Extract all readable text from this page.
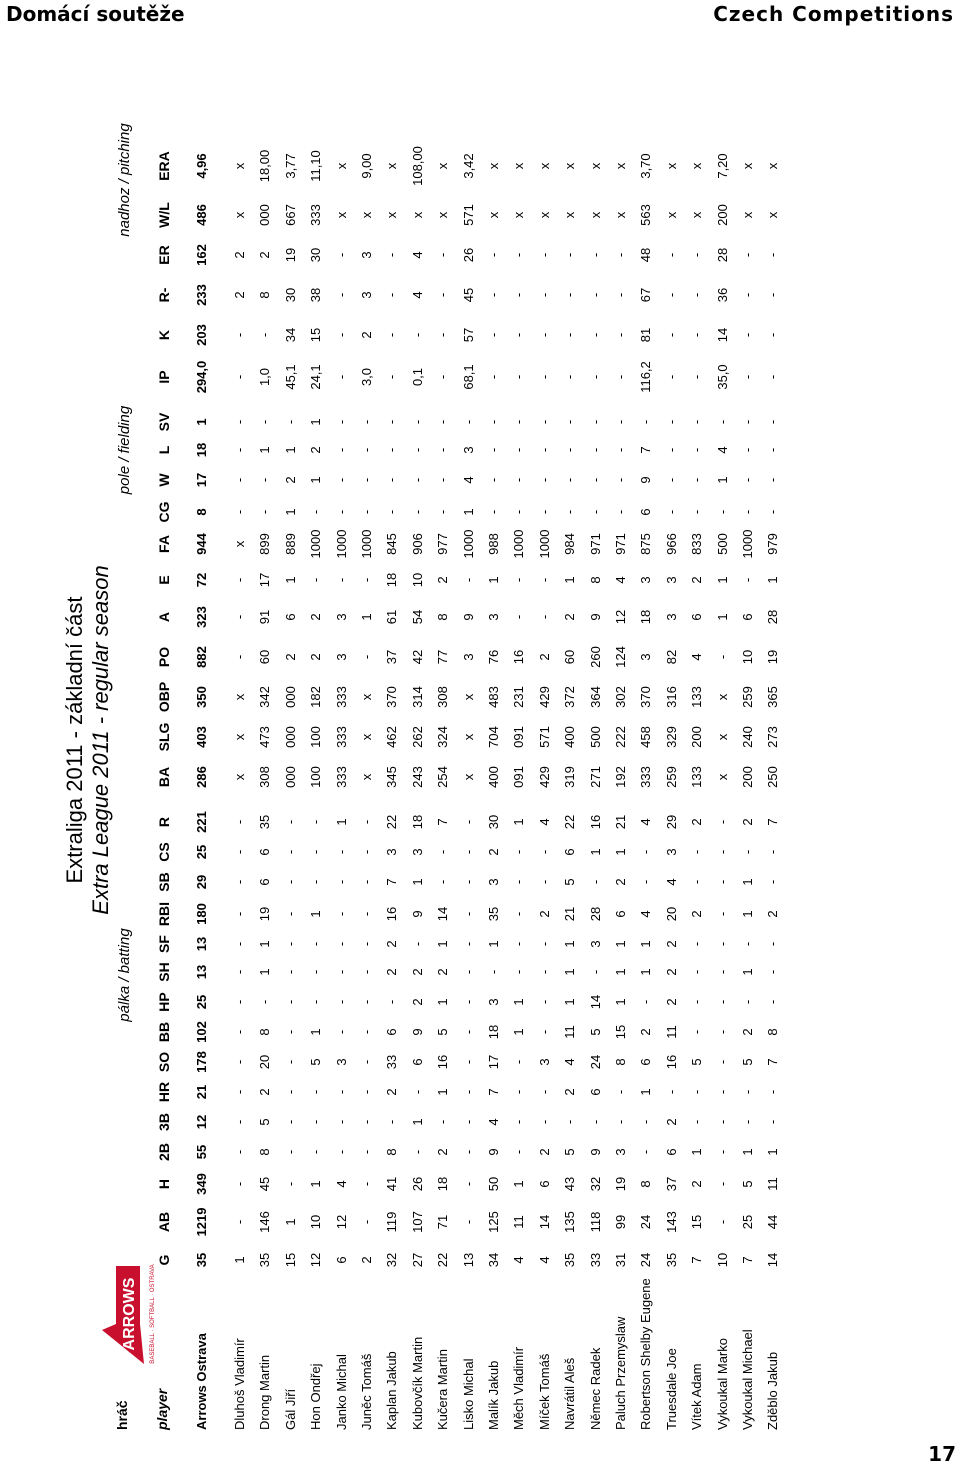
Domácí soutěže	Czech Competitions
Extraliga 2011 - základní část Extra League 2011 - regular season
ARROWS BASEBALL · SOFTBALL · OSTRAVA
hráč player
pálka / batting
pole / fielding
nadhoz / pitching
G
AB
H
2B
3B
HR
SO
BB
HP
SH
SF
RBI
SB
CS
R
BA
SLG
OBP
PO
A
E
FA
CG
W
L
SV
IP
K
R-
ER
W/L
ERA
Arrows Ostrava
35
1219
349
55
12
21
178
102
25
13
13
180
29
25
221
286
403
350
882
323
72
944
8
17
18
1
294,0
203
233
162
486
4,96
Dluhoš Vladimír
1
-
-
-
-
-
-
-
-
-
-
-
-
-
-
x
x
x
-
-
-
x
-
-
-
-
-
-
2
2
x
x
Drong Martin
35
146
45
8
5
2
20
8
-
1
1
19
6
6
35
308
473
342
60
91
17
899
-
-
1
-
1,0
-
8
2
000
18,00
Gál Jiří
15
1
-
-
-
-
-
-
-
-
-
-
-
-
-
000
000
000
2
6
1
889
1
2
1
-
45,1
34
30
19
667
3,77
Hon Ondřej
12
10
1
-
-
-
5
1
-
-
-
1
-
-
-
100
100
182
2
2
-
1000
-
1
2
1
24,1
15
38
30
333
11,10
Janko Michal
6
12
4
-
-
-
3
-
-
-
-
-
-
-
1
333
333
333
3
3
-
1000
-
-
-
-
-
-
-
-
x
x
Juněc Tomáš
2
-
-
-
-
-
-
-
-
-
-
-
-
-
-
x
x
x
-
1
-
1000
-
-
-
-
3,0
2
3
3
x
9,00
Kaplan Jakub
32
119
41
8
-
2
33
6
-
2
2
16
7
3
22
345
462
370
37
61
18
845
-
-
-
-
-
-
-
-
x
x
Kubovčík Martin
27
107
26
-
1
-
6
9
2
2
-
9
1
3
18
243
262
314
42
54
10
906
-
-
-
-
0,1
-
4
4
x
108,00
Kučera Martin
22
71
18
2
-
1
16
5
1
2
1
14
-
-
7
254
324
308
77
8
2
977
-
-
-
-
-
-
-
-
x
x
Lisko Michal
13
-
-
-
-
-
-
-
-
-
-
-
-
-
-
x
x
x
3
9
-
1000
1
4
3
-
68,1
57
45
26
571
3,42
Malík Jakub
34
125
50
9
4
7
17
18
3
-
1
35
3
2
30
400
704
483
76
3
1
988
-
-
-
-
-
-
-
-
x
x
Měch Vladimír
4
11
1
-
-
-
-
1
1
-
-
-
-
-
1
091
091
231
16
-
-
1000
-
-
-
-
-
-
-
-
x
x
Míček Tomáš
4
14
6
2
-
-
3
-
-
-
-
2
-
-
4
429
571
429
2
-
-
1000
-
-
-
-
-
-
-
-
x
x
Navrátil Aleš
35
135
43
5
-
2
4
11
1
1
1
21
5
6
22
319
400
372
60
2
1
984
-
-
-
-
-
-
-
-
x
x
Němec Radek
33
118
32
9
-
6
24
5
14
-
3
28
-
1
16
271
500
364
260
9
8
971
-
-
-
-
-
-
-
-
x
x
Paluch Przemyslaw
31
99
19
3
-
-
8
15
1
1
1
6
2
1
21
192
222
302
124
12
4
971
-
-
-
-
-
-
-
-
x
x
Robertson Shelby Eugene
24
24
8
-
-
1
6
2
-
1
1
4
-
-
4
333
458
370
3
18
3
875
6
9
7
-
116,2
81
67
48
563
3,70
Truesdale Joe
35
143
37
6
2
-
16
11
2
2
2
20
4
3
29
259
329
316
82
3
3
966
-
-
-
-
-
-
-
-
x
x
Vítek Adam
7
15
2
1
-
-
5
-
-
-
-
2
-
-
2
133
200
133
4
6
2
833
-
-
-
-
-
-
-
-
x
x
Vykoukal Marko
10
-
-
-
-
-
-
-
-
-
-
-
-
-
-
x
x
x
-
1
1
500
-
1
4
-
35,0
14
36
28
200
7,20
Vykoukal Michael
7
25
5
1
-
-
5
2
-
1
-
1
1
-
2
200
240
259
10
6
-
1000
-
-
-
-
-
-
-
-
x
x
Zděblo Jakub
14
44
11
1
-
-
7
8
-
-
-
2
-
-
7
250
273
365
19
28
1
979
-
-
-
-
-
-
-
-
x
x
17
